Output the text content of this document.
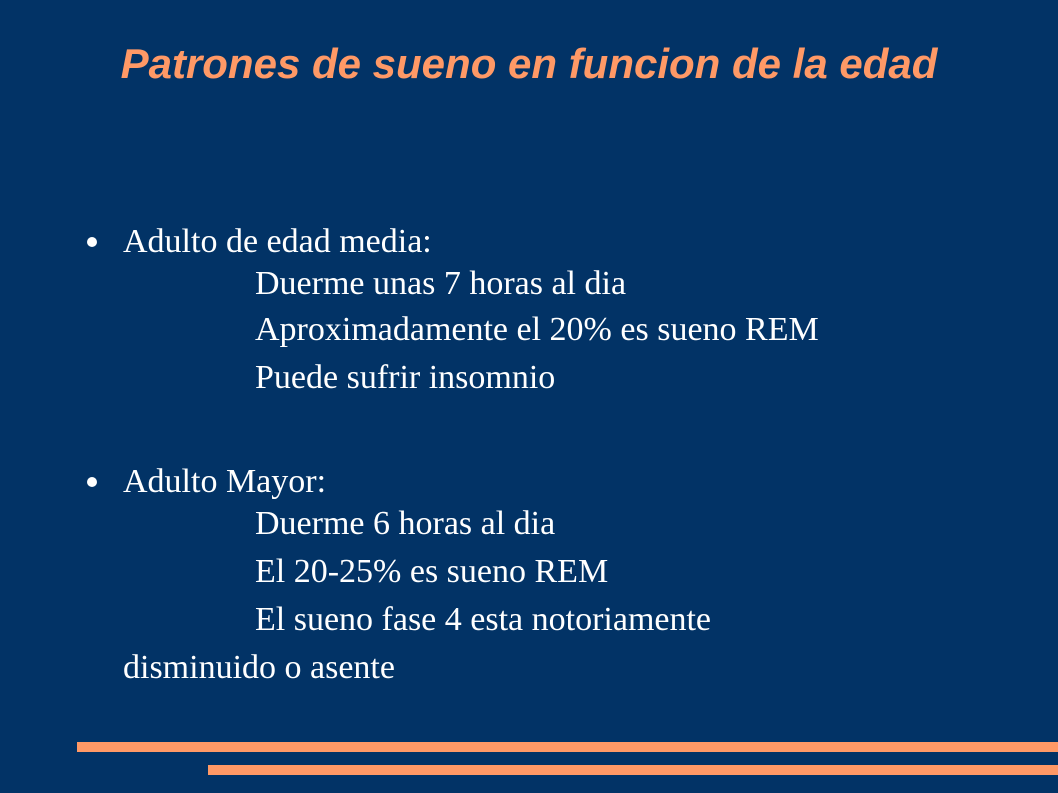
Patrones de sueno en funcion de la edad
Adulto de edad media:
Duerme unas 7 horas al dia
Aproximadamente el 20% es sueno REM
Puede sufrir insomnio
Adulto Mayor:
Duerme 6 horas al dia
El 20-25% es sueno REM
El sueno fase 4 esta notoriamente
disminuido o asente
